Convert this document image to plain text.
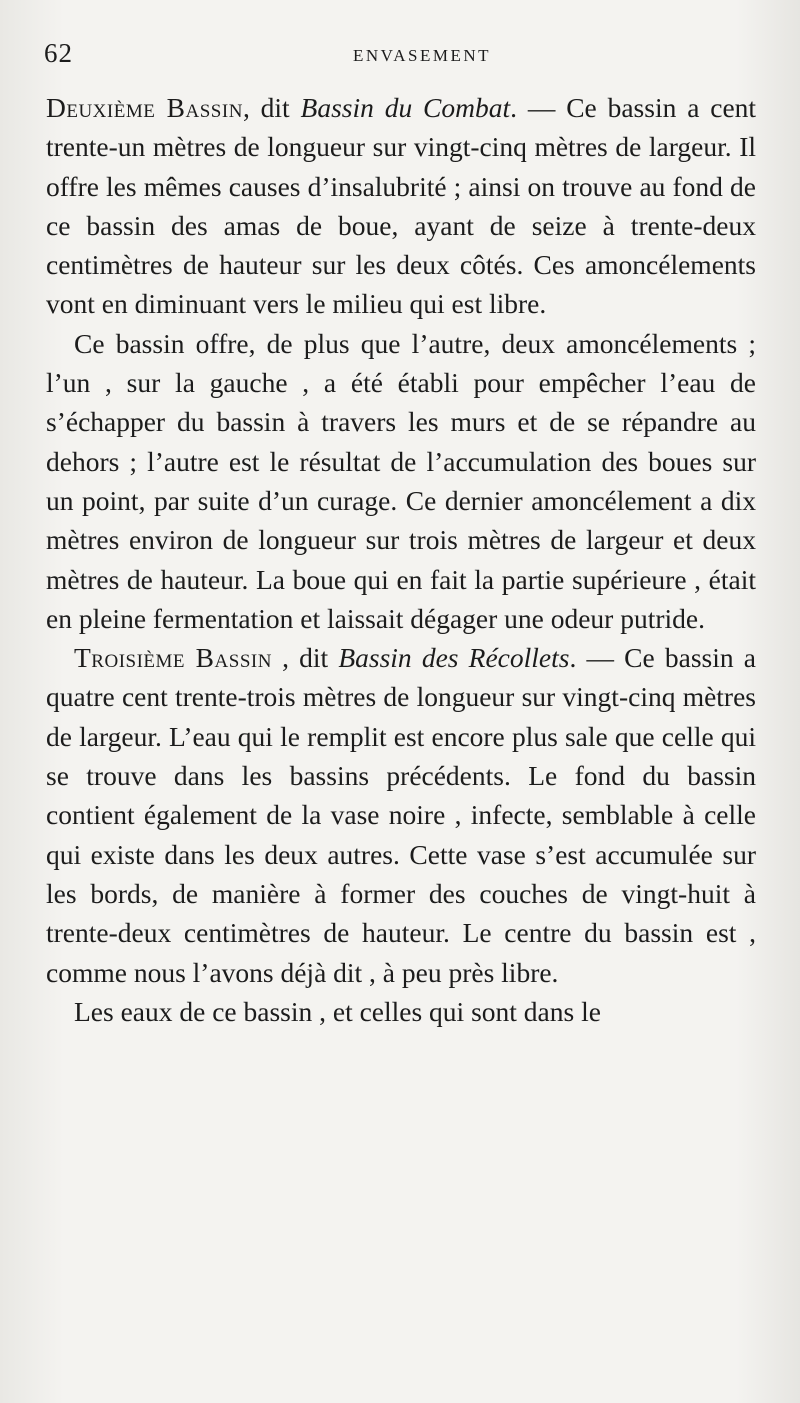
62	ENVASEMENT

Deuxième Bassin, dit Bassin du Combat. — Ce bassin a cent trente-un mètres de longueur sur vingt-cinq mètres de largeur. Il offre les mêmes causes d’insalubrité ; ainsi on trouve au fond de ce bassin des amas de boue, ayant de seize à trente-deux centimètres de hauteur sur les deux côtés. Ces amoncélements vont en diminuant vers le milieu qui est libre.

Ce bassin offre, de plus que l’autre, deux amoncélements ; l’un , sur la gauche , a été établi pour empêcher l’eau de s’échapper du bassin à travers les murs et de se répandre au dehors ; l’autre est le résultat de l’accumulation des boues sur un point, par suite d’un curage. Ce dernier amoncélement a dix mètres environ de longueur sur trois mètres de largeur et deux mètres de hauteur. La boue qui en fait la partie supérieure , était en pleine fermentation et laissait dégager une odeur putride.

Troisième Bassin , dit Bassin des Récollets. — Ce bassin a quatre cent trente-trois mètres de longueur sur vingt-cinq mètres de largeur. L’eau qui le remplit est encore plus sale que celle qui se trouve dans les bassins précédents. Le fond du bassin contient également de la vase noire , infecte, semblable à celle qui existe dans les deux autres. Cette vase s’est accumulée sur les bords, de manière à former des couches de vingt-huit à trente-deux centimètres de hauteur. Le centre du bassin est , comme nous l’avons déjà dit , à peu près libre.

Les eaux de ce bassin , et celles qui sont dans le
